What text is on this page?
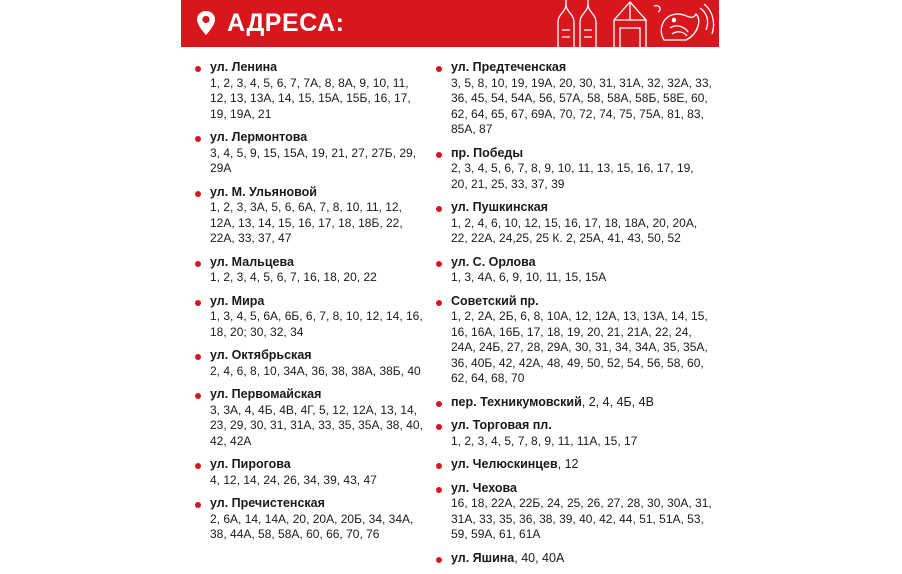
АДРЕСА:
ул. Ленина
1, 2, 3, 4, 5, 6, 7, 7А, 8, 8А, 9, 10, 11, 12, 13, 13А, 14, 15, 15А, 15Б, 16, 17, 19, 19А, 21
ул. Лермонтова
3, 4, 5, 9, 15, 15А, 19, 21, 27, 27Б, 29, 29А
ул. М. Ульяновой
1, 2, 3, 3А, 5, 6, 6А, 7, 8, 10, 11, 12, 12А, 13, 14, 15, 16, 17, 18, 18Б, 22, 22А, 33, 37, 47
ул. Мальцева
1, 2, 3, 4, 5, 6, 7, 16, 18, 20, 22
ул. Мира
1, 3, 4, 5, 6А, 6Б, 6, 7, 8, 10, 12, 14, 16, 18, 20; 30, 32, 34
ул. Октябрьская
2, 4, 6, 8, 10, 34А, 36, 38, 38А, 38Б, 40
ул. Первомайская
3, 3А, 4, 4Б, 4В, 4Г, 5, 12, 12А, 13, 14, 23, 29, 30, 31, 31А, 33, 35, 35А, 38, 40, 42, 42А
ул. Пирогова
4, 12, 14, 24, 26, 34, 39, 43, 47
ул. Пречистенская
2, 6А, 14, 14А, 20, 20А, 20Б, 34, 34А, 38, 44А, 58, 58А, 60, 66, 70, 76
ул. Предтеченская
3, 5, 8, 10, 19, 19А, 20, 30, 31, 31А, 32, 32А, 33, 36, 45, 54, 54А, 56, 57А, 58, 58А, 58Б, 58Е, 60, 62, 64, 65, 67, 69А, 70, 72, 74, 75, 75А, 81, 83, 85А, 87
пр. Победы
2, 3, 4, 5, 6, 7, 8, 9, 10, 11, 13, 15, 16, 17, 19, 20, 21, 25, 33, 37, 39
ул. Пушкинская
1, 2, 4, 6, 10, 12, 15, 16, 17, 18, 18А, 20, 20А, 22, 22А, 24,25, 25 К. 2, 25А, 41, 43, 50, 52
ул. С. Орлова
1, 3, 4А, 6, 9, 10, 11, 15, 15А
Советский пр.
1, 2, 2А, 2Б, 6, 8, 10А, 12, 12А, 13, 13А, 14, 15, 16, 16А, 16Б, 17, 18, 19, 20, 21, 21А, 22, 24, 24А, 24Б, 27, 28, 29А, 30, 31, 34, 34А, 35, 35А, 36, 40Б, 42, 42А, 48, 49, 50, 52, 54, 56, 58, 60, 62, 64, 68, 70
пер. Техникумовский, 2, 4, 4Б, 4В
ул. Торговая пл.
1, 2, 3, 4, 5, 7, 8, 9, 11, 11А, 15, 17
ул. Челюскинцев, 12
ул. Чехова
16, 18, 22А, 22Б, 24, 25, 26, 27, 28, 30, 30А, 31, 31А, 33, 35, 36, 38, 39, 40, 42, 44, 51, 51А, 53, 59, 59А, 61, 61А
ул. Яшина, 40, 40А
